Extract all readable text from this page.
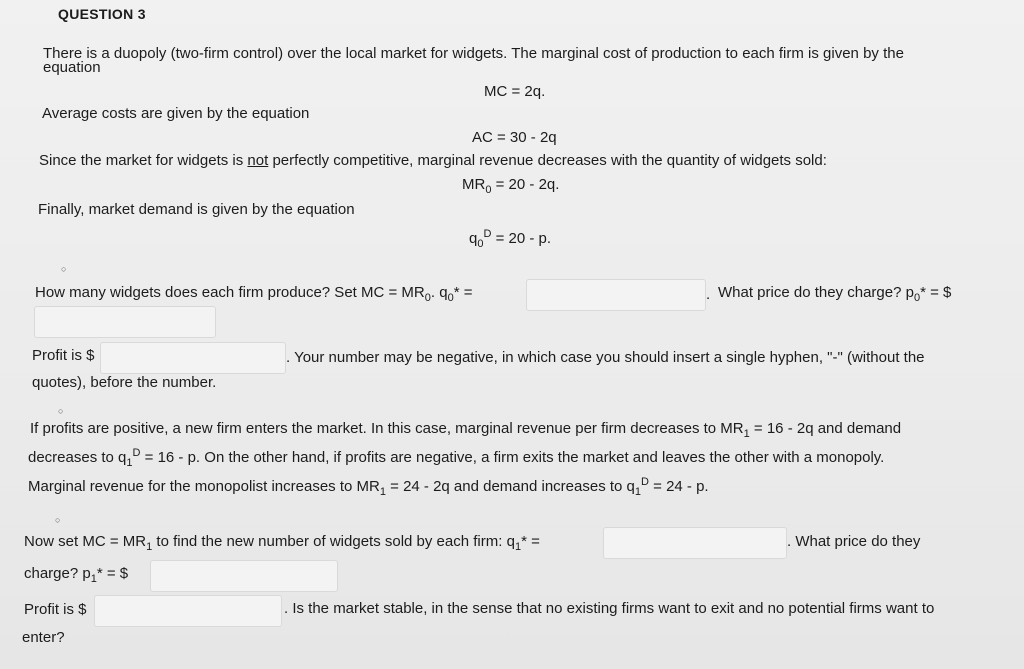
QUESTION 3
There is a duopoly (two-firm control) over the local market for widgets. The marginal cost of production to each firm is given by the
equation
MC = 2q.
Average costs are given by the equation
AC = 30 - 2q
Since the market for widgets is not perfectly competitive, marginal revenue decreases with the quantity of widgets sold:
$MR_0 = 20 - 2q$.
Finally, market demand is given by the equation
$q_0^D = 20 - p$.
○
How many widgets does each firm produce? Set MC = $MR_0$. $q_0*$ =	. What price do they charge? $p_0*$ = $
Profit is $	. Your number may be negative, in which case you should insert a single hyphen, "-" (without the
quotes), before the number.
○
If profits are positive, a new firm enters the market. In this case, marginal revenue per firm decreases to $MR_1 = 16 - 2q$ and demand
decreases to $q_1^D = 16 - p$. On the other hand, if profits are negative, a firm exits the market and leaves the other with a monopoly.
Marginal revenue for the monopolist increases to $MR_1 = 24 - 2q$ and demand increases to $q_1^D = 24 - p$.
○
Now set MC = $MR_1$ to find the new number of widgets sold by each firm: $q_1*$ =	. What price do they
charge? $p_1*$ = $
Profit is $	. Is the market stable, in the sense that no existing firms want to exit and no potential firms want to
enter?
